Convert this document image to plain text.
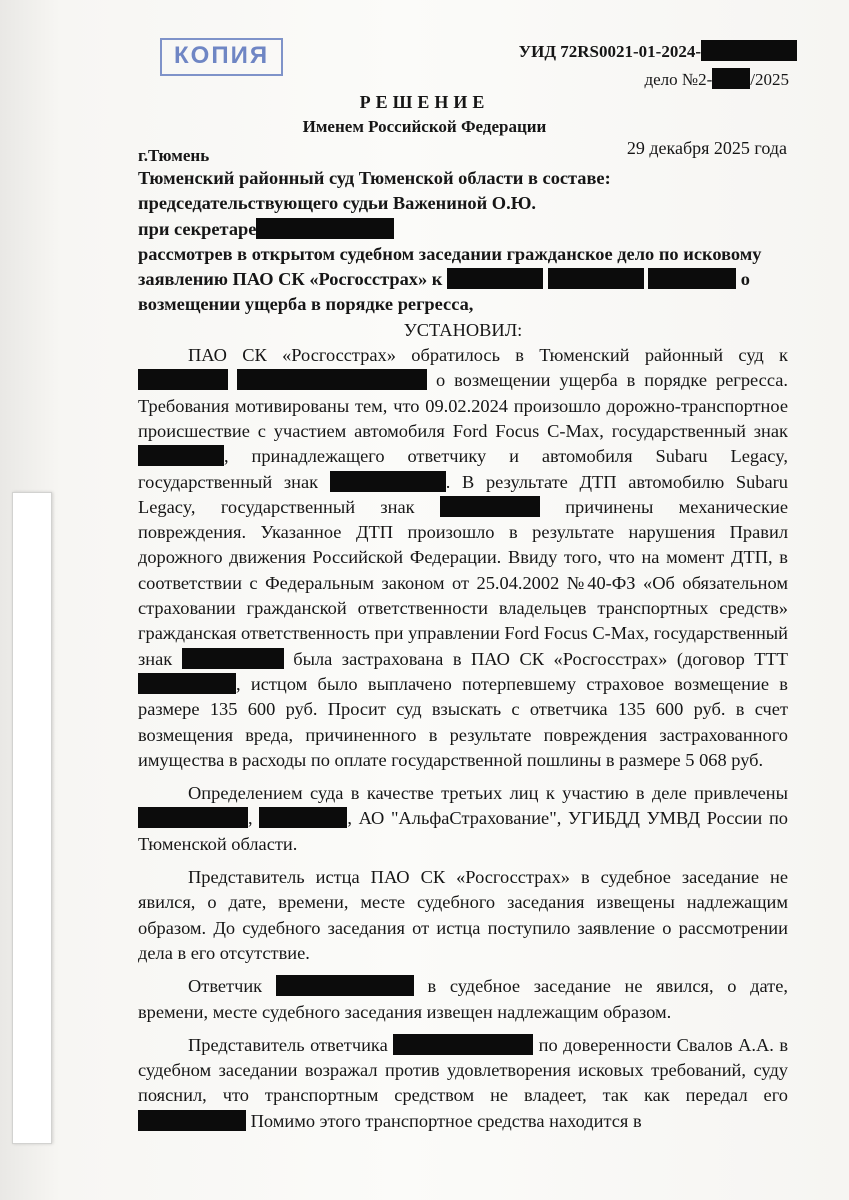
КОПИЯ	УИД 72RS0021-01-2024-
дело №2- /2025
РЕШЕНИЕ
Именем Российской Федерации
г.Тюмень	29 декабря 2025 года

Тюменский районный суд Тюменской области в составе:

председательствующего судьи Важениной О.Ю.

при секретаре

рассмотрев в открытом судебном заседании гражданское дело по исковому

заявлению ПАО СК «Росгосстрах» к	о

возмещении ущерба в порядке регресса,

УСТАНОВИЛ:

ПАО СК «Росгосстрах» обратилось в Тюменский районный суд к   о возмещении ущерба в порядке регресса. Требования мотивированы тем, что 09.02.2024 произошло дорожно-транспортное происшествие с участием автомобиля Ford Focus C-Max, государственный знак , принадлежащего ответчику и автомобиля Subaru Legacy, государственный знак	. В результате ДТП автомобилю Subaru Legacy, государственный знак	причинены механические повреждения. Указанное ДТП произошло в результате нарушения Правил дорожного движения Российской Федерации. Ввиду того, что на момент ДТП, в соответствии с Федеральным законом от 25.04.2002 №40-ФЗ «Об обязательном страховании гражданской ответственности владельцев транспортных средств» гражданская ответственность при управлении Ford Focus C-Max, государственный знак	была застрахована в ПАО СК «Росгосстрах» (договор ТТТ , истцом было выплачено потерпевшему страховое возмещение в размере 135 600 руб. Просит суд взыскать с ответчика 135 600 руб. в счет возмещения вреда, причиненного в результате повреждения застрахованного имущества в расходы по оплате государственной пошлины в размере 5 068 руб.

Определением суда в качестве третьих лиц к участию в деле привлечены ,	, АО "АльфаСтрахование", УГИБДД УМВД России по Тюменской области.

Представитель истца ПАО СК «Росгосстрах» в судебное заседание не явился, о дате, времени, месте судебного заседания извещены надлежащим образом. До судебного заседания от истца поступило заявление о рассмотрении дела в его отсутствие.

Ответчик	в судебное заседание не явился, о дате, времени, месте судебного заседания извещен надлежащим образом.

Представитель ответчика	по доверенности Свалов А.А. в судебном заседании возражал против удовлетворения исковых требований, суду пояснил, что транспортным средством не владеет, так как передал его  Помимо этого транспортное средства находится в
